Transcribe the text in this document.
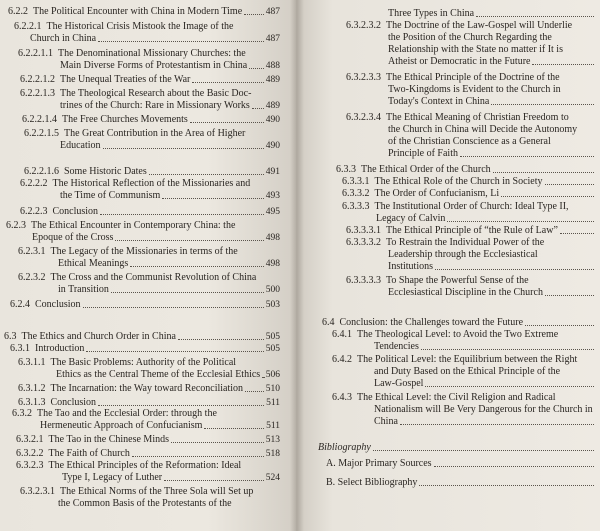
6.2.2 The Political Encounter with China in Modern Time
6.2.2.1 The Historical Crisis Mistook the Image of the
Church in China
6.2.2.1.1 The Denominational Missionary Churches: the
Main Diverse Forms of Protestantism in China
6.2.2.1.2 The Unequal Treaties of the War
6.2.2.1.3 The Theological Research about the Basic Doc-
trines of the Church: Rare in Missionary Works
6.2.2.1.4 The Free Churches Movements
6.2.2.1.5 The Great Contribution in the Area of Higher
Education
6.2.2.1.6 Some Historic Dates
6.2.2.2 The Historical Reflection of the Missionaries and
the Time of Communism
6.2.2.3 Conclusion
6.2.3 The Ethical Encounter in Contemporary China: the
Epoque of the Cross
6.2.3.1 The Legacy of the Missionaries in terms of the
Ethical Meanings
6.2.3.2 The Cross and the Communist Revolution of China
in Transition
6.2.4 Conclusion
6.3 The Ethics and Church Order in China
6.3.1 Introduction
6.3.1.1 The Basic Problems: Authority of the Political
Ethics as the Central Theme of the Ecclesial Ethics
6.3.1.2 The Incarnation: the Way toward Reconciliation
6.3.1.3 Conclusion
6.3.2 The Tao and the Ecclesial Order: through the
Hermeneutic Approach of Confucianism
6.3.2.1 The Tao in the Chinese Minds
6.3.2.2 The Faith of Church
6.3.2.3 The Ethical Principles of the Reformation: Ideal
Type I, Legacy of Luther
6.3.2.3.1 The Ethical Norms of the Three Sola will Set up
the Common Basis of the Protestants of the
487
487
488
489
489
490
490
491
493
495
498
498
500
503
505
505
506
510
511
511
513
518
524
Three Types in China
6.3.2.3.2 The Doctrine of the Law-Gospel will Underlie
the Position of the Church Regarding the
Relationship with the State no matter if It is
Atheist or Democratic in the Future
6.3.2.3.3 The Ethical Principle of the Doctrine of the
Two-Kingdoms is Evident to the Church in
Today's Context in China
6.3.2.3.4 The Ethical Meaning of Christian Freedom to
the Church in China will Decide the Autonomy
of the Christian Conscience as a General
Principle of Faith
6.3.3 The Ethical Order of the Church
6.3.3.1 The Ethical Role of the Church in Society
6.3.3.2 The Order of Confucianism, Li
6.3.3.3 The Institutional Order of Church: Ideal Type II,
Legacy of Calvin
6.3.3.3.1 The Ethical Principle of “the Rule of Law”
6.3.3.3.2 To Restrain the Individual Power of the
Leadership through the Ecclesiastical
Institutions
6.3.3.3.3 To Shape the Powerful Sense of the
Ecclesiastical Discipline in the Church
6.4 Conclusion: the Challenges toward the Future
6.4.1 The Theological Level: to Avoid the Two Extreme
Tendencies
6.4.2 The Political Level: the Equilibrium between the Right
and Duty Based on the Ethical Principle of the
Law-Gospel
6.4.3 The Ethical Level: the Civil Religion and Radical
Nationalism will Be Very Dangerous for the Church in
China
Bibliography
A. Major Primary Sources
B. Select Bibliography
